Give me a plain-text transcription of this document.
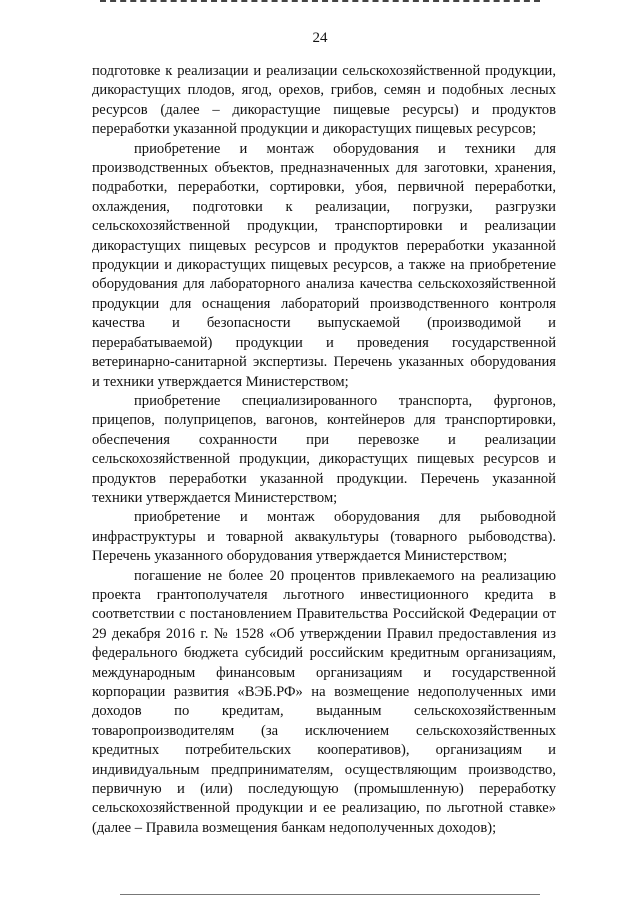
24

подготовке к реализации и реализации сельскохозяйственной продукции, дикорастущих плодов, ягод, орехов, грибов, семян и подобных лесных ресурсов (далее – дикорастущие пищевые ресурсы) и продуктов переработки указанной продукции и дикорастущих пищевых ресурсов;

приобретение и монтаж оборудования и техники для производственных объектов, предназначенных для заготовки, хранения, подработки, переработки, сортировки, убоя, первичной переработки, охлаждения, подготовки к реализации, погрузки, разгрузки сельскохозяйственной продукции, транспортировки и реализации дикорастущих пищевых ресурсов и продуктов переработки указанной продукции и дикорастущих пищевых ресурсов, а также на приобретение оборудования для лабораторного анализа качества сельскохозяйственной продукции для оснащения лабораторий производственного контроля качества и безопасности выпускаемой (производимой и перерабатываемой) продукции и проведения государственной ветеринарно-санитарной экспертизы. Перечень указанных оборудования и техники утверждается Министерством;

приобретение специализированного транспорта, фургонов, прицепов, полуприцепов, вагонов, контейнеров для транспортировки, обеспечения сохранности при перевозке и реализации сельскохозяйственной продукции, дикорастущих пищевых ресурсов и продуктов переработки указанной продукции. Перечень указанной техники утверждается Министерством;

приобретение и монтаж оборудования для рыбоводной инфраструктуры и товарной аквакультуры (товарного рыбоводства). Перечень указанного оборудования утверждается Министерством;

погашение не более 20 процентов привлекаемого на реализацию проекта грантополучателя льготного инвестиционного кредита в соответствии с постановлением Правительства Российской Федерации от 29 декабря 2016 г. № 1528 «Об утверждении Правил предоставления из федерального бюджета субсидий российским кредитным организациям, международным финансовым организациям и государственной корпорации развития «ВЭБ.РФ» на возмещение недополученных ими доходов по кредитам, выданным сельскохозяйственным товаропроизводителям (за исключением сельскохозяйственных кредитных потребительских кооперативов), организациям и индивидуальным предпринимателям, осуществляющим производство, первичную и (или) последующую (промышленную) переработку сельскохозяйственной продукции и ее реализацию, по льготной ставке» (далее – Правила возмещения банкам недополученных доходов);
